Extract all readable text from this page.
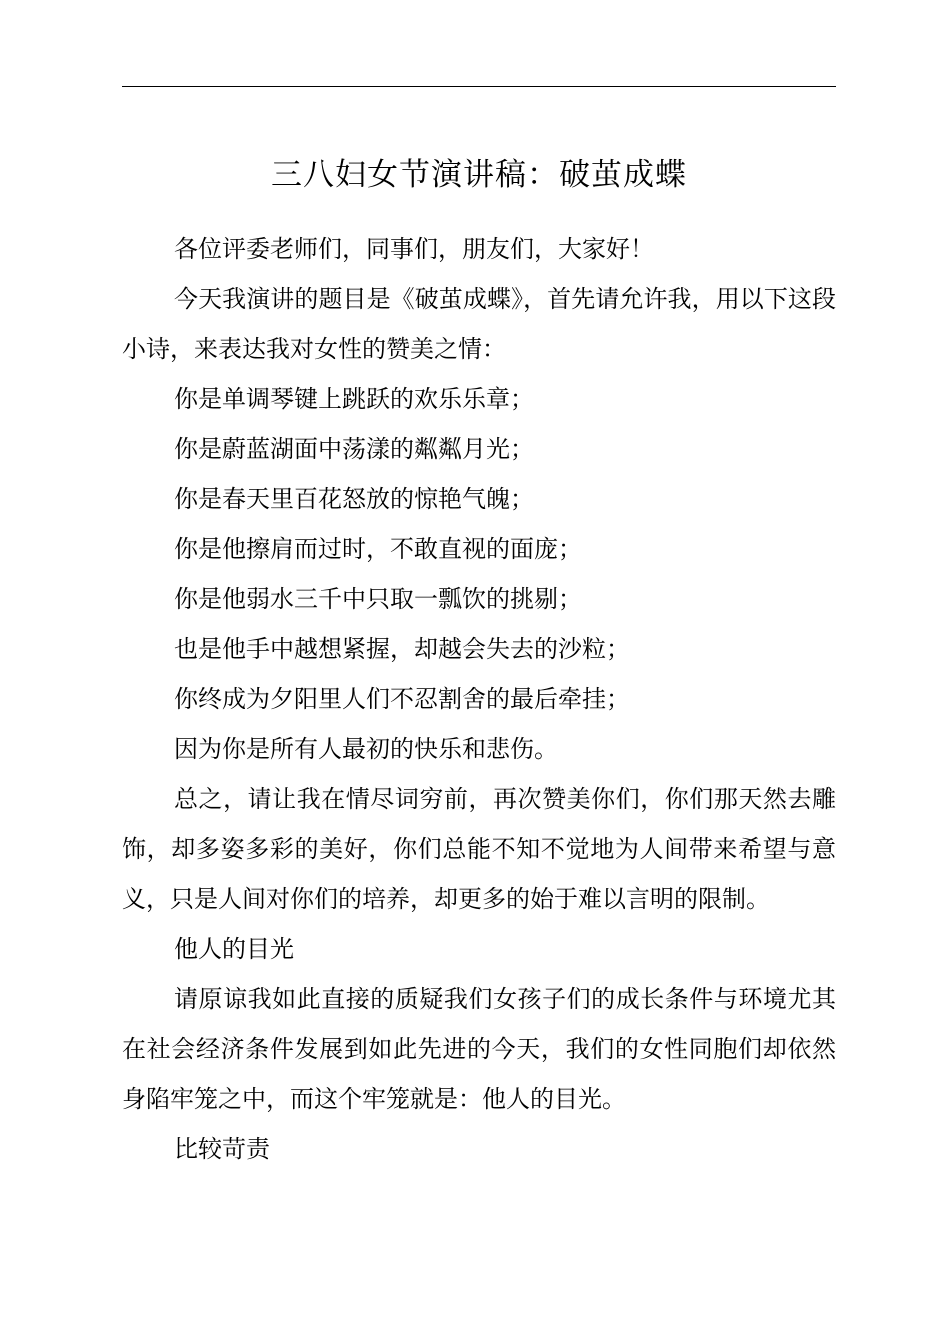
三八妇女节演讲稿：破茧成蝶

各位评委老师们，同事们，朋友们，大家好！

今天我演讲的题目是《破茧成蝶》，首先请允许我，用以下这段小诗，来表达我对女性的赞美之情：

你是单调琴键上跳跃的欢乐乐章；

你是蔚蓝湖面中荡漾的粼粼月光；

你是春天里百花怒放的惊艳气魄；

你是他擦肩而过时，不敢直视的面庞；

你是他弱水三千中只取一瓢饮的挑剔；

也是他手中越想紧握，却越会失去的沙粒；

你终成为夕阳里人们不忍割舍的最后牵挂；

因为你是所有人最初的快乐和悲伤。

总之，请让我在情尽词穷前，再次赞美你们，你们那天然去雕饰，却多姿多彩的美好，你们总能不知不觉地为人间带来希望与意义，只是人间对你们的培养，却更多的始于难以言明的限制。

他人的目光

请原谅我如此直接的质疑我们女孩子们的成长条件与环境尤其在社会经济条件发展到如此先进的今天，我们的女性同胞们却依然身陷牢笼之中，而这个牢笼就是：他人的目光。

比较苛责
